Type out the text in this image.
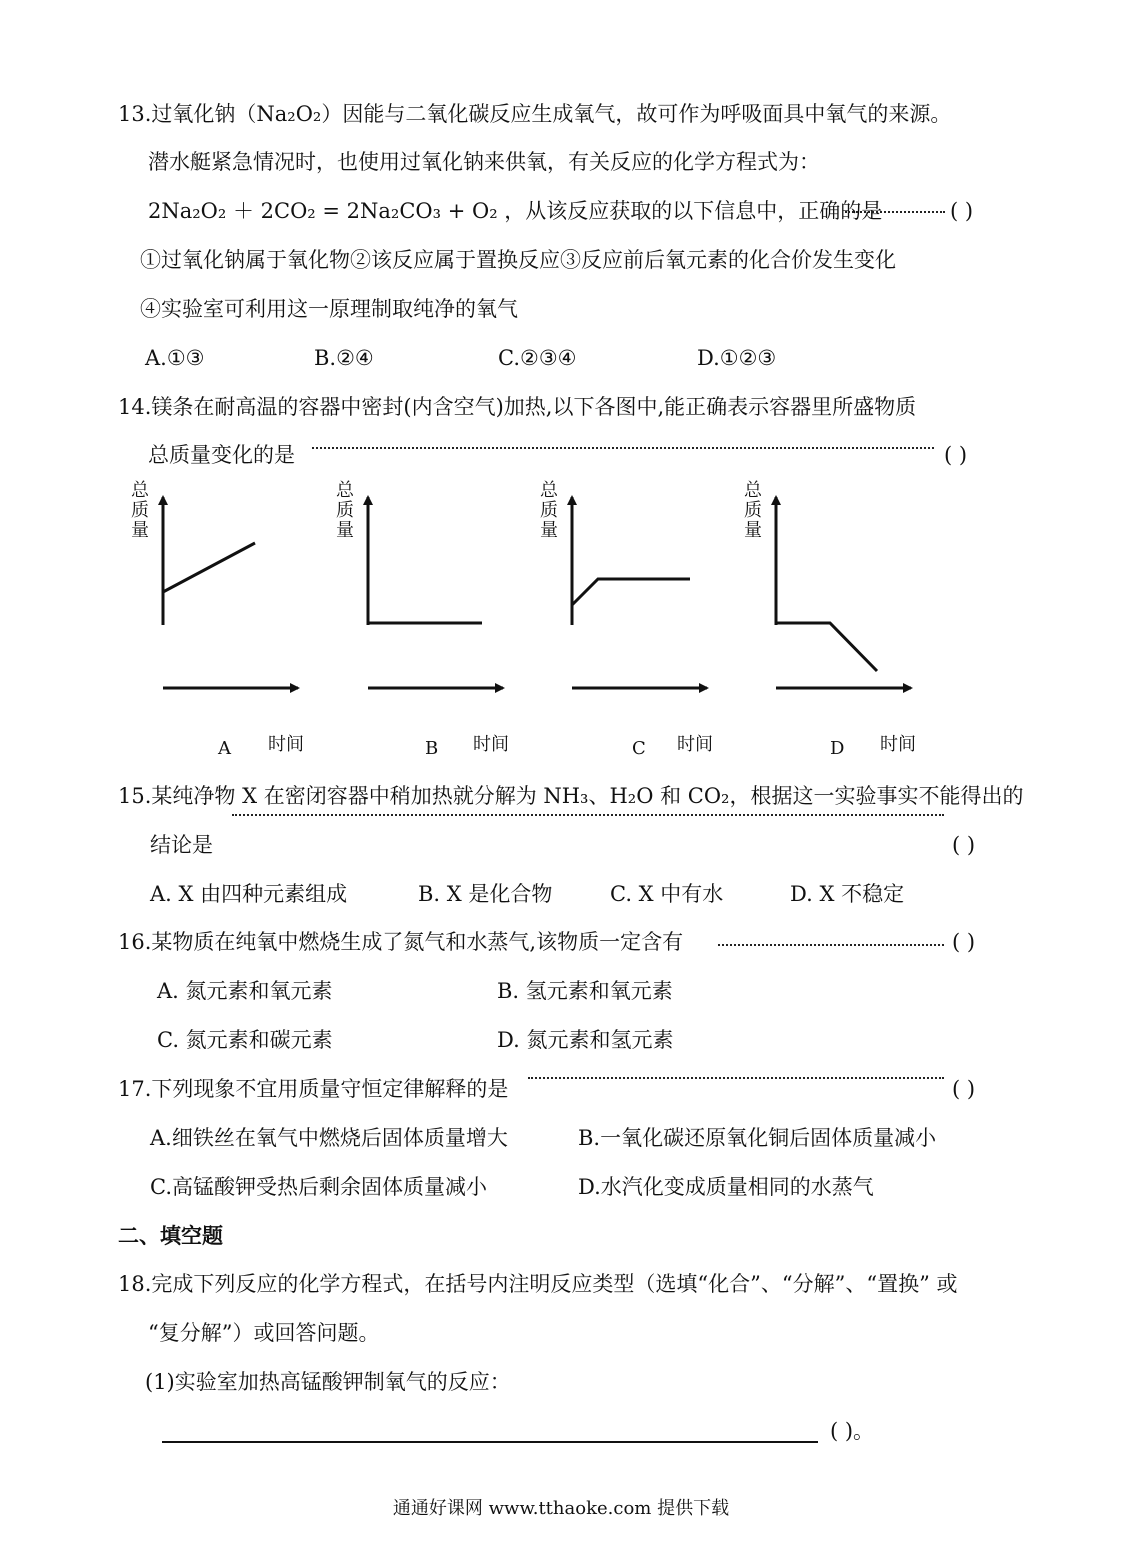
13.过氧化钠（Na₂O₂）因能与二氧化碳反应生成氧气，故可作为呼吸面具中氧气的来源。
潜水艇紧急情况时，也使用过氧化钠来供氧，有关反应的化学方程式为：
2Na₂O₂ ＋ 2CO₂ = 2Na₂CO₃ + O₂ ，从该反应获取的以下信息中，正确的是	( )
①过氧化钠属于氧化物②该反应属于置换反应③反应前后氧元素的化合价发生变化
④实验室可利用这一原理制取纯净的氧气
A.①③	B.②④	C.②③④	D.①②③
14.镁条在耐高温的容器中密封(内含空气)加热,以下各图中,能正确表示容器里所盛物质
总质量变化的是	( )
总质量	总质量	总质量	总质量
A 时间	B 时间	C 时间	D 时间
15.某纯净物 X 在密闭容器中稍加热就分解为 NH₃、H₂O 和 CO₂，根据这一实验事实不能得出的
结论是	( )
A. X 由四种元素组成	B. X 是化合物	C. X 中有水	D. X 不稳定
16.某物质在纯氧中燃烧生成了氮气和水蒸气,该物质一定含有	( )
A. 氮元素和氧元素	B. 氢元素和氧元素
C. 氮元素和碳元素	D. 氮元素和氢元素
17.下列现象不宜用质量守恒定律解释的是	( )
A.细铁丝在氧气中燃烧后固体质量增大	B.一氧化碳还原氧化铜后固体质量减小
C.高锰酸钾受热后剩余固体质量减小	D.水汽化变成质量相同的水蒸气
二、填空题
18.完成下列反应的化学方程式，在括号内注明反应类型（选填“化合”、“分解”、“置换” 或
“复分解”）或回答问题。
(1)实验室加热高锰酸钾制氧气的反应：
( )。
通通好课网 www.tthaoke.com 提供下载
